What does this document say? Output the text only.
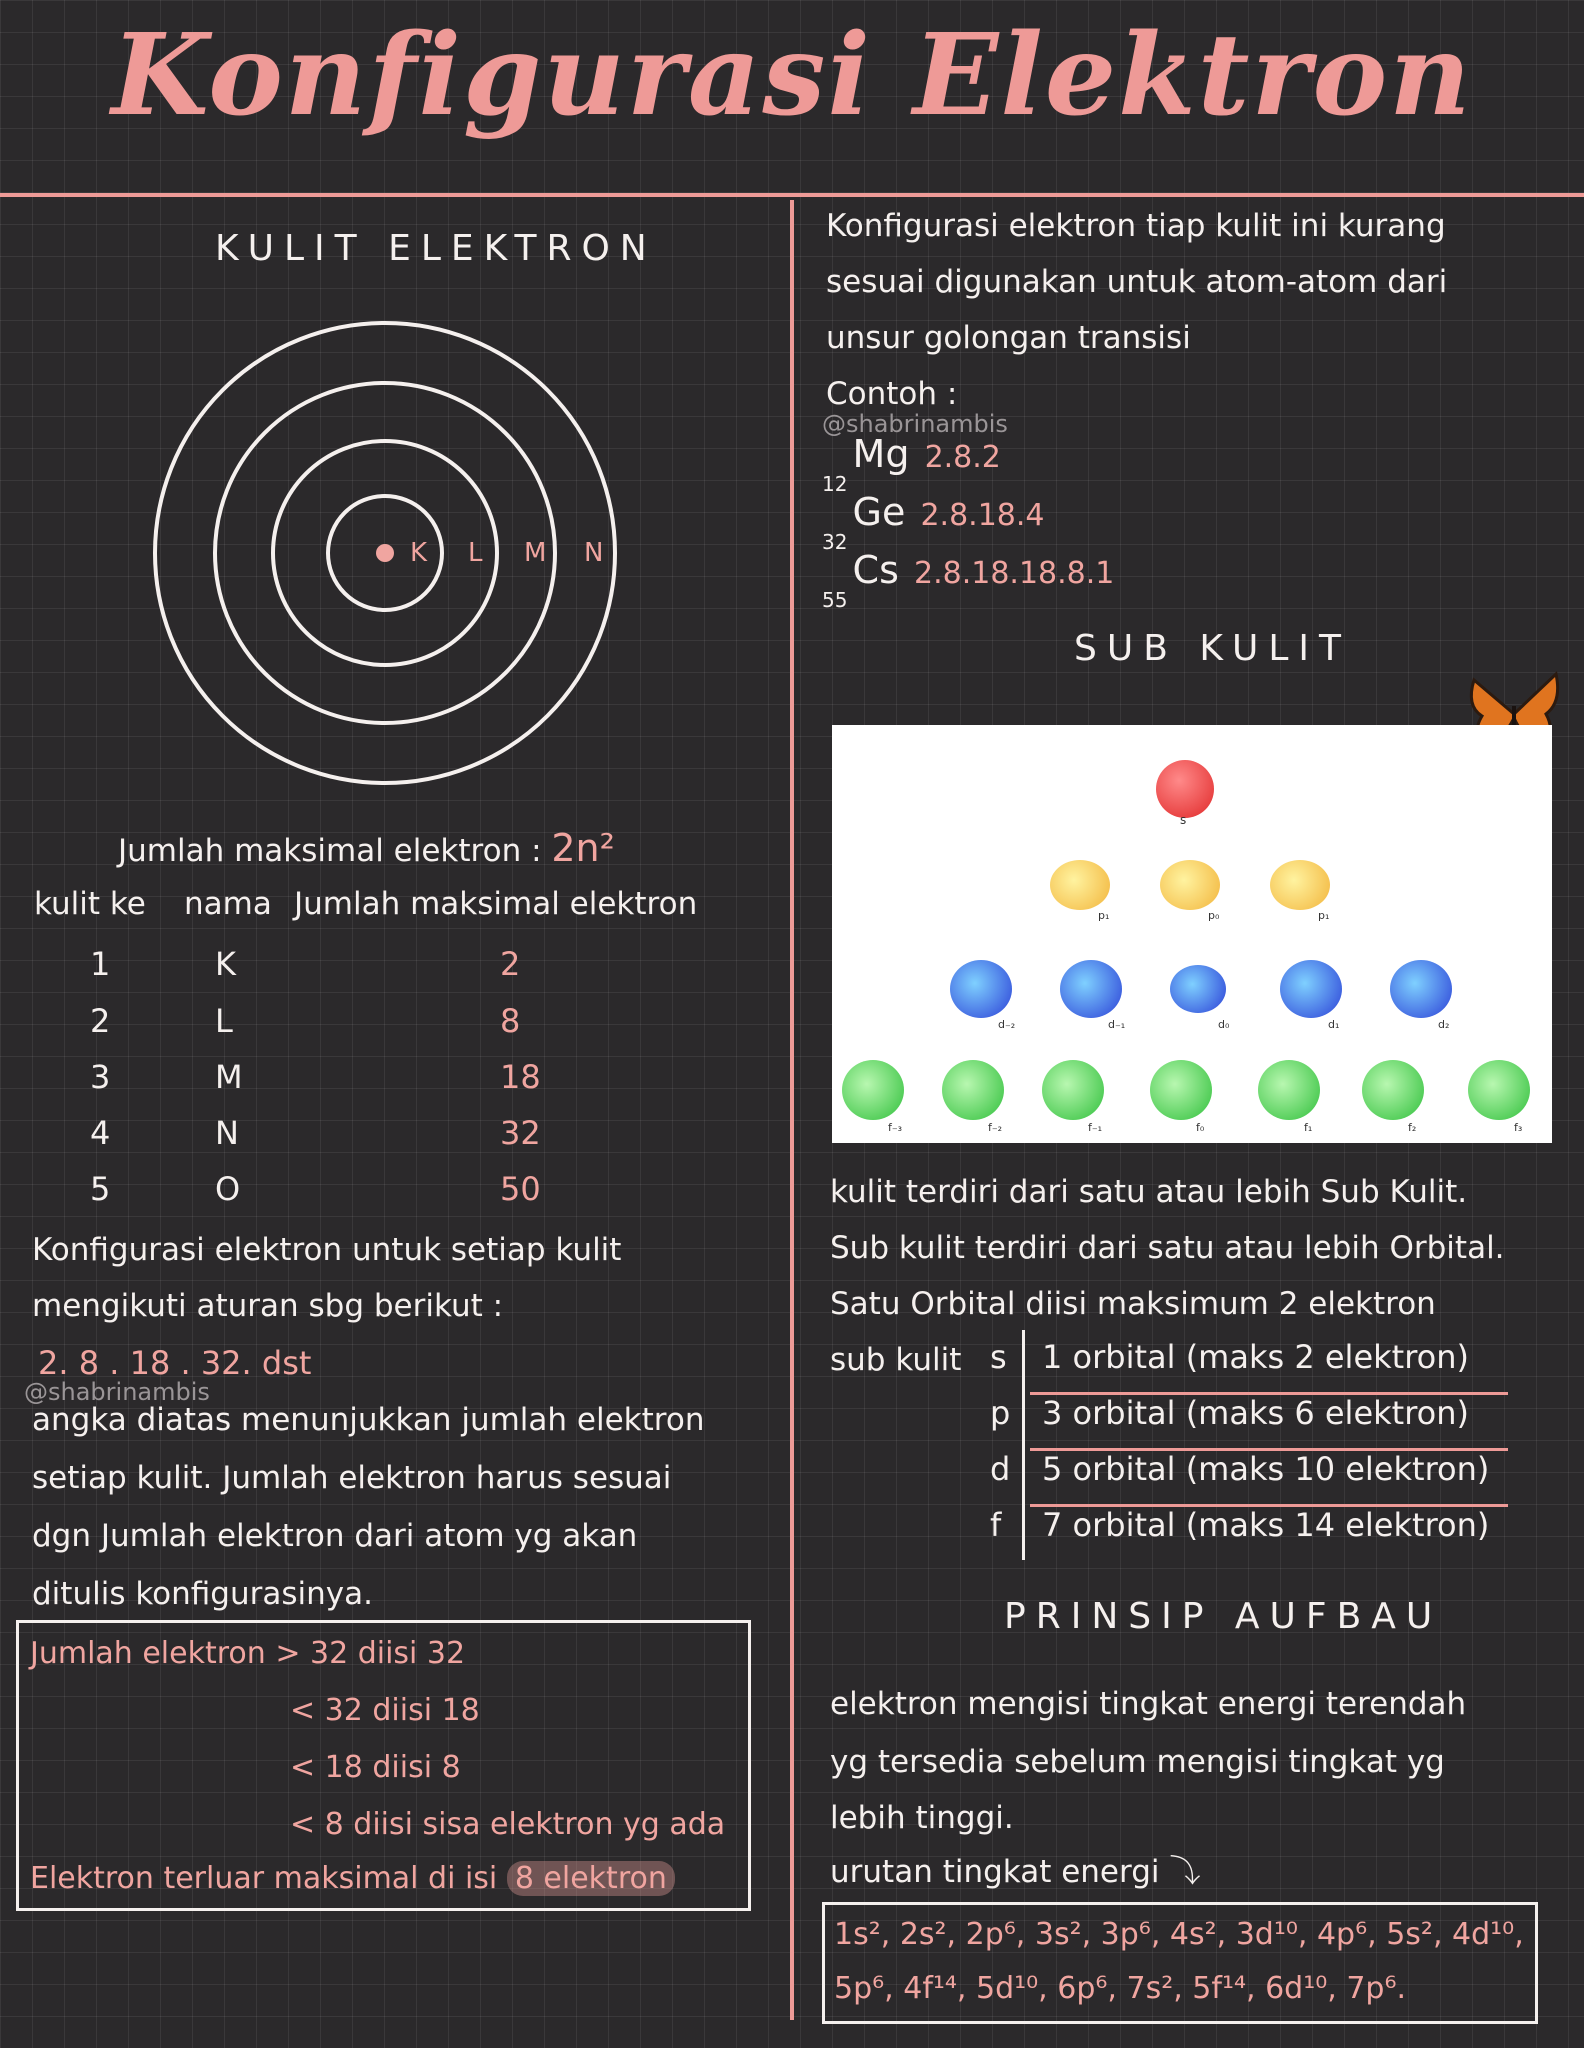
Konfigurasi Elektron
KULIT ELEKTRON
K L M N
Jumlah maksimal elektron : 2n²
kulit ke nama Jumlah maksimal elektron
1	K	2
2	L	8
3	M	18
4	N	32
5	O	50
Konfigurasi elektron untuk setiap kulit
mengikuti aturan sbg berikut :
2. 8 . 18 . 32. dst
@shabrinambis
angka diatas menunjukkan jumlah elektron
setiap kulit. Jumlah elektron harus sesuai
dgn Jumlah elektron dari atom yg akan
ditulis konfigurasinya.
Jumlah elektron > 32 diisi 32
< 32 diisi 18
< 18 diisi 8
< 8 diisi sisa elektron yg ada
Elektron terluar maksimal di isi 8 elektron
Konfigurasi elektron tiap kulit ini kurang
sesuai digunakan untuk atom-atom dari
unsur golongan transisi
Contoh :
@shabrinambis
12 Mg 2.8.2
32 Ge 2.8.18.4
55 Cs 2.8.18.18.8.1
SUB KULIT
s
p₁	p₀	p₁
d₋₂	d₋₁	d₀	d₁	d₂
f₋₃	f₋₂	f₋₁	f₀	f₁	f₂	f₃
kulit terdiri dari satu atau lebih Sub Kulit.
Sub kulit terdiri dari satu atau lebih Orbital.
Satu Orbital diisi maksimum 2 elektron
sub kulit s 1 orbital (maks 2 elektron)
p 3 orbital (maks 6 elektron)
d 5 orbital (maks 10 elektron)
f 7 orbital (maks 14 elektron)
PRINSIP AUFBAU
elektron mengisi tingkat energi terendah
yg tersedia sebelum mengisi tingkat yg
lebih tinggi.
urutan tingkat energi ⤵
1s², 2s², 2p⁶, 3s², 3p⁶, 4s², 3d¹⁰, 4p⁶, 5s², 4d¹⁰,
5p⁶, 4f¹⁴, 5d¹⁰, 6p⁶, 7s², 5f¹⁴, 6d¹⁰, 7p⁶.
